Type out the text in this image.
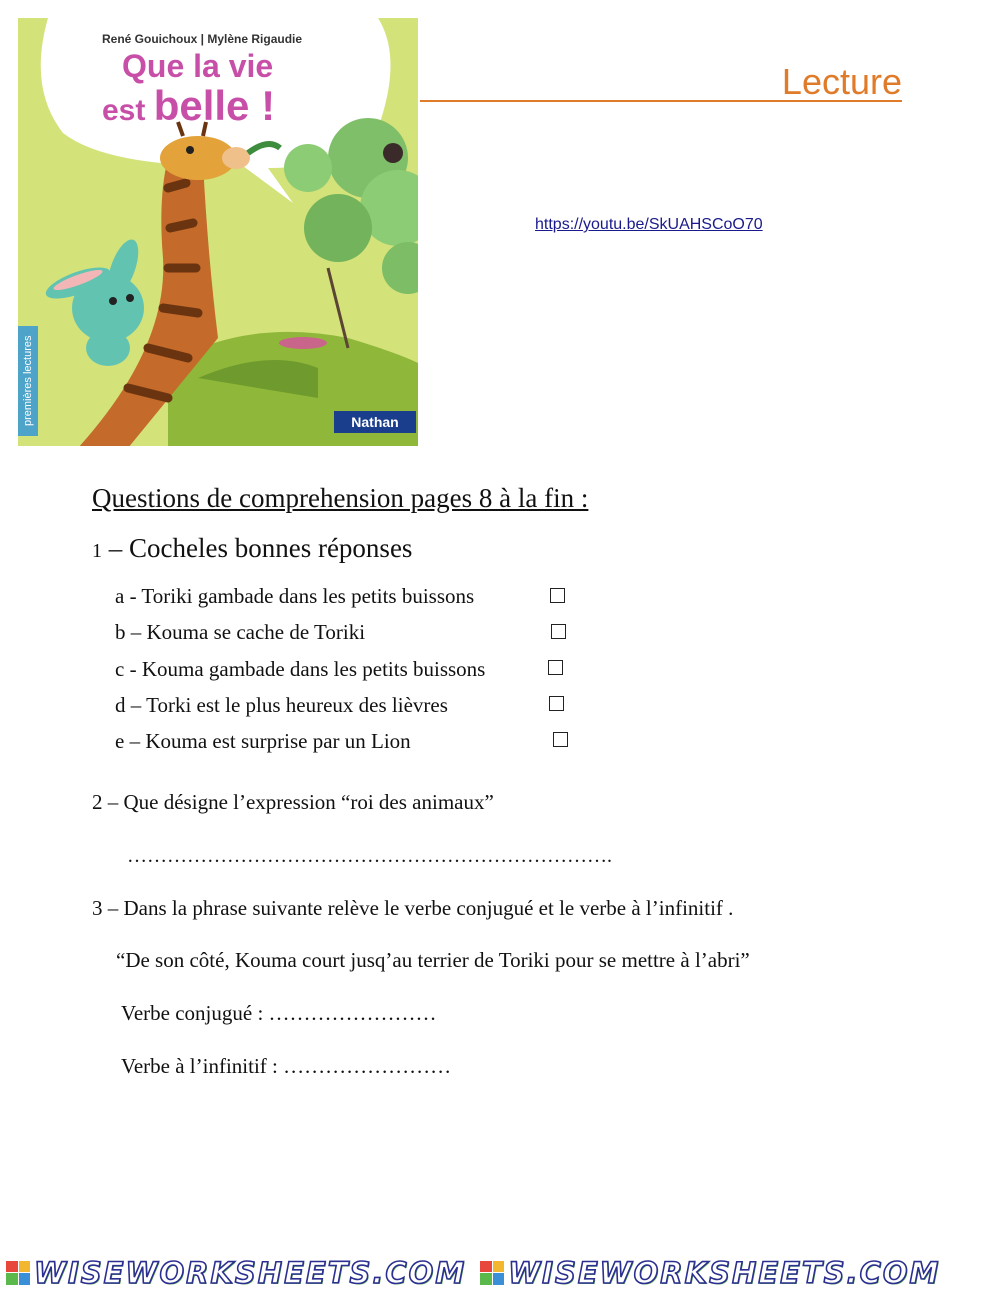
René Gouichoux | Mylène Rigaudie
Que la vie
est belle !
premières lectures	Nathan
Lecture
https://youtu.be/SkUAHSCoO70
Questions de comprehension pages 8 à la fin :
1 – Cocheles bonnes réponses
a - Toriki gambade dans les petits buissons
b – Kouma se cache de Toriki
c - Kouma gambade dans les petits buissons
d – Torki est le plus heureux des lièvres
e – Kouma est surprise par un Lion
2 – Que désigne l’expression “roi des animaux”
……………………………………………………………….
3 – Dans la phrase suivante relève le verbe conjugué et le verbe à l’infinitif .
“De son côté, Kouma court jusq’au terrier de Toriki pour se mettre à l’abri”
Verbe conjugué : ……………………
Verbe à l’infinitif : ……………………
WISEWORKSHEETS.COM WISEWORKSHEETS.COM
